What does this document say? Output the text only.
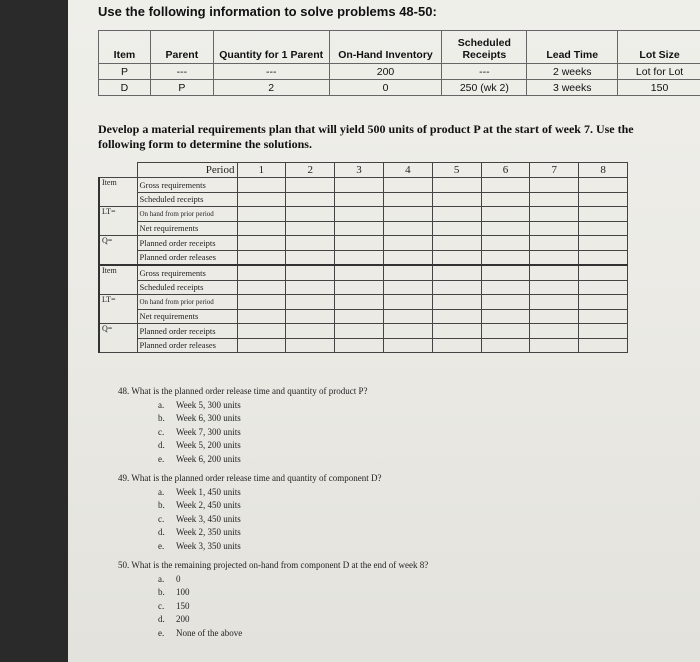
Use the following information to solve problems 48-50:
Item	Parent	Quantity for 1 Parent	On-Hand Inventory	Scheduled Receipts	Lead Time	Lot Size
P	---	---	200	---	2 weeks	Lot for Lot
D	P	2	0	250 (wk 2)	3 weeks	150
Develop a material requirements plan that will yield 500 units of product P at the start of week 7. Use the following form to determine the solutions.
	Period	1	2	3	4	5	6	7	8
Item	Gross requirements								
	Scheduled receipts								
LT=	On hand from prior period								
	Net requirements								
Q=	Planned order receipts								
	Planned order releases								
Item	Gross requirements								
	Scheduled receipts								
LT=	On hand from prior period								
	Net requirements								
Q=	Planned order receipts								
	Planned order releases								
48. What is the planned order release time and quantity of product P?
a. Week 5, 300 units
b. Week 6, 300 units
c. Week 7, 300 units
d. Week 5, 200 units
e. Week 6, 200 units
49. What is the planned order release time and quantity of component D?
a. Week 1, 450 units
b. Week 2, 450 units
c. Week 3, 450 units
d. Week 2, 350 units
e. Week 3, 350 units
50. What is the remaining projected on-hand from component D at the end of week 8?
a. 0
b. 100
c. 150
d. 200
e. None of the above
